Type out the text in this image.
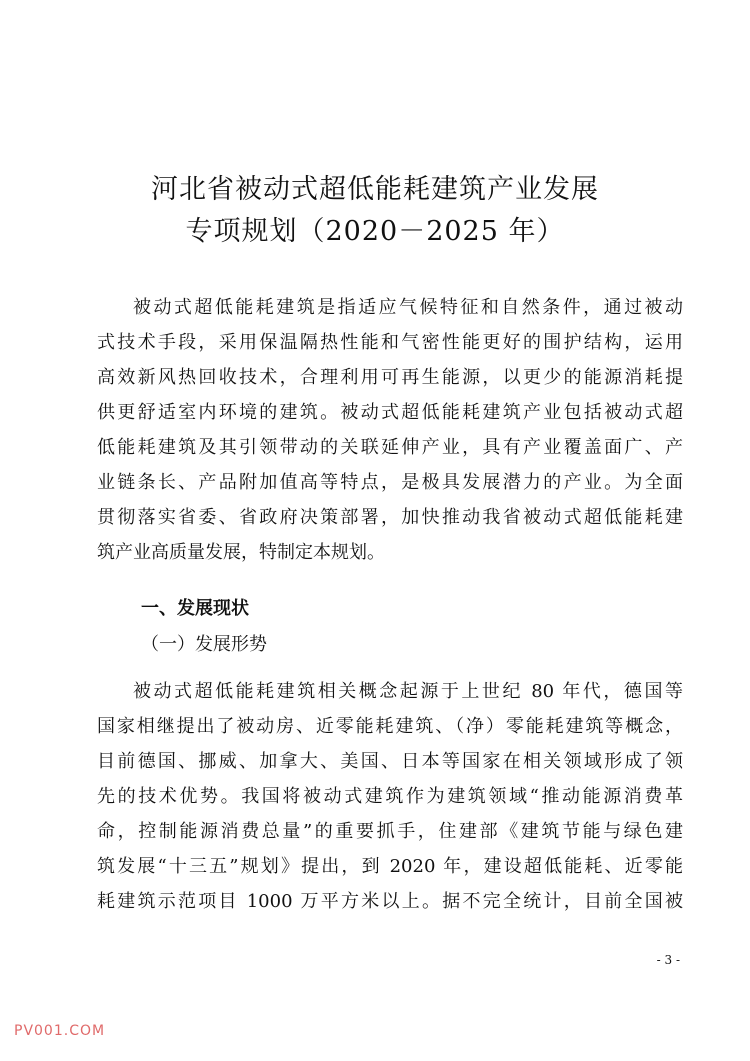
河北省被动式超低能耗建筑产业发展
专项规划（2020－2025 年）
被动式超低能耗建筑是指适应气候特征和自然条件，通过被动
式技术手段，采用保温隔热性能和气密性能更好的围护结构，运用
高效新风热回收技术，合理利用可再生能源，以更少的能源消耗提
供更舒适室内环境的建筑。被动式超低能耗建筑产业包括被动式超
低能耗建筑及其引领带动的关联延伸产业，具有产业覆盖面广、产
业链条长、产品附加值高等特点，是极具发展潜力的产业。为全面
贯彻落实省委、省政府决策部署，加快推动我省被动式超低能耗建
筑产业高质量发展，特制定本规划。
一、发展现状
（一）发展形势
被动式超低能耗建筑相关概念起源于上世纪 80 年代，德国等
国家相继提出了被动房、近零能耗建筑、（净）零能耗建筑等概念，
目前德国、挪威、加拿大、美国、日本等国家在相关领域形成了领
先的技术优势。我国将被动式建筑作为建筑领域“推动能源消费革
命，控制能源消费总量”的重要抓手，住建部《建筑节能与绿色建
筑发展“十三五”规划》提出，到 2020 年，建设超低能耗、近零能
耗建筑示范项目 1000 万平方米以上。据不完全统计，目前全国被
- 3 -
PV001.COM
